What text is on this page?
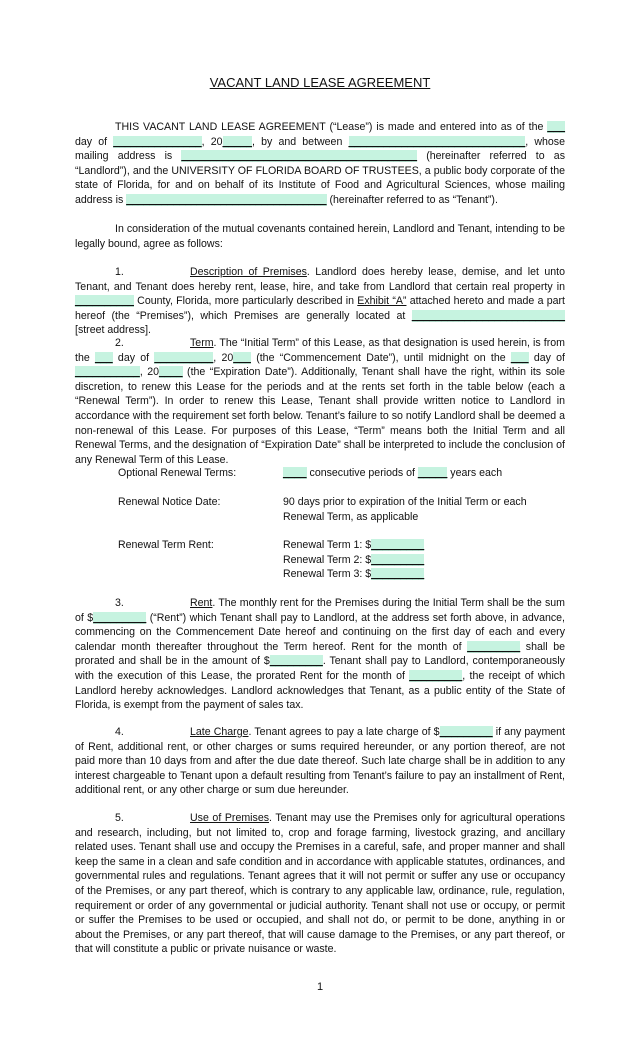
VACANT LAND LEASE AGREEMENT

THIS VACANT LAND LEASE AGREEMENT (“Lease”) is made and entered into as of the ___ day of _______________, 20_____, by and between ______________________________, whose mailing address is ________________________________________ (hereinafter referred to as “Landlord”), and the UNIVERSITY OF FLORIDA BOARD OF TRUSTEES, a public body corporate of the state of Florida, for and on behalf of its Institute of Food and Agricultural Sciences, whose mailing address is __________________________________ (hereinafter referred to as “Tenant”).

In consideration of the mutual covenants contained herein, Landlord and Tenant, intending to be legally bound, agree as follows:

1.	Description of Premises. Landlord does hereby lease, demise, and let unto Tenant, and Tenant does hereby rent, lease, hire, and take from Landlord that certain real property in __________ County, Florida, more particularly described in Exhibit “A” attached hereto and made a part hereof (the “Premises”), which Premises are generally located at __________________________ [street address].

2.	Term. The “Initial Term” of this Lease, as that designation is used herein, is from the ___ day of __________, 20___ (the “Commencement Date”), until midnight on the ___ day of ___________, 20____ (the “Expiration Date”). Additionally, Tenant shall have the right, within its sole discretion, to renew this Lease for the periods and at the rents set forth in the table below (each a “Renewal Term”). In order to renew this Lease, Tenant shall provide written notice to Landlord in accordance with the requirement set forth below. Tenant’s failure to so notify Landlord shall be deemed a non-renewal of this Lease. For purposes of this Lease, “Term” means both the Initial Term and all Renewal Terms, and the designation of “Expiration Date” shall be interpreted to include the conclusion of any Renewal Term of this Lease.

Optional Renewal Terms:	____ consecutive periods of _____ years each
Renewal Notice Date:	90 days prior to expiration of the Initial Term or each Renewal Term, as applicable
Renewal Term Rent:	Renewal Term 1: $_________
Renewal Term 2: $_________
Renewal Term 3: $_________

3.	Rent. The monthly rent for the Premises during the Initial Term shall be the sum of $_________ (“Rent”) which Tenant shall pay to Landlord, at the address set forth above, in advance, commencing on the Commencement Date hereof and continuing on the first day of each and every calendar month thereafter throughout the Term hereof. Rent for the month of _________ shall be prorated and shall be in the amount of $_________. Tenant shall pay to Landlord, contemporaneously with the execution of this Lease, the prorated Rent for the month of _________, the receipt of which Landlord hereby acknowledges. Landlord acknowledges that Tenant, as a public entity of the State of Florida, is exempt from the payment of sales tax.

4.	Late Charge. Tenant agrees to pay a late charge of $_________ if any payment of Rent, additional rent, or other charges or sums required hereunder, or any portion thereof, are not paid more than 10 days from and after the due date thereof. Such late charge shall be in addition to any interest chargeable to Tenant upon a default resulting from Tenant’s failure to pay an installment of Rent, additional rent, or any other charge or sum due hereunder.

5.	Use of Premises. Tenant may use the Premises only for agricultural operations and research, including, but not limited to, crop and forage farming, livestock grazing, and ancillary related uses. Tenant shall use and occupy the Premises in a careful, safe, and proper manner and shall keep the same in a clean and safe condition and in accordance with applicable statutes, ordinances, and governmental rules and regulations. Tenant agrees that it will not permit or suffer any use or occupancy of the Premises, or any part thereof, which is contrary to any applicable law, ordinance, rule, regulation, requirement or order of any governmental or judicial authority. Tenant shall not use or occupy, or permit or suffer the Premises to be used or occupied, and shall not do, or permit to be done, anything in or about the Premises, or any part thereof, that will cause damage to the Premises, or any part thereof, or that will constitute a public or private nuisance or waste.

1
